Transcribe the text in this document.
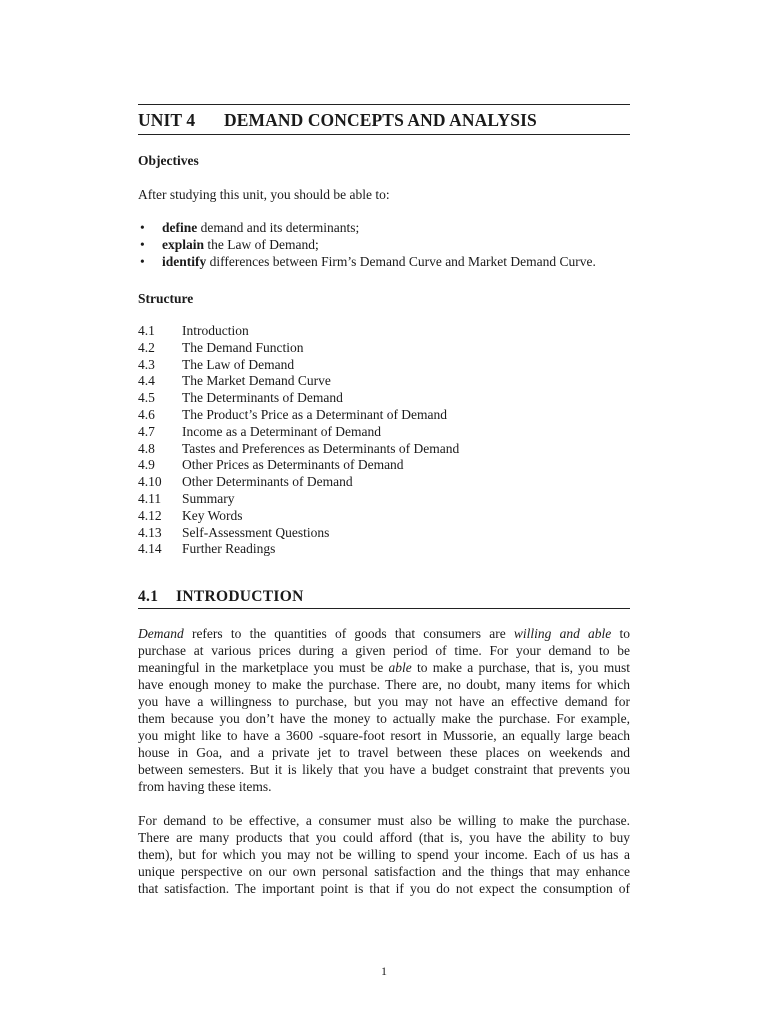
UNIT 4	DEMAND CONCEPTS AND ANALYSIS
Objectives
After studying this unit, you should be able to:
•	define demand and its determinants;
•	explain the Law of Demand;
•	identify differences between Firm’s Demand Curve and Market Demand Curve.
Structure
4.1	Introduction
4.2	The Demand Function
4.3	The Law of Demand
4.4	The Market Demand Curve
4.5	The Determinants of Demand
4.6	The Product’s Price as a Determinant of Demand
4.7	Income as a Determinant of Demand
4.8	Tastes and Preferences as Determinants of Demand
4.9	Other Prices as Determinants of Demand
4.10	Other Determinants of Demand
4.11	Summary
4.12	Key Words
4.13	Self-Assessment Questions
4.14	Further Readings
4.1	INTRODUCTION
Demand refers to the quantities of goods that consumers are willing and able to
purchase at various prices during a given period of time. For your demand to be
meaningful in the marketplace you must be able to make a purchase, that is, you must
have enough money to make the purchase. There are, no doubt, many items for which
you have a willingness to purchase, but you may not have an effective demand for
them because you don’t have the money to actually make the purchase. For example,
you might like to have a 3600 -square-foot resort in Mussorie, an equally large beach
house in Goa, and a private jet to travel between these places on weekends and
between semesters. But it is likely that you have a budget constraint that prevents you
from having these items.
For demand to be effective, a consumer must also be willing to make the purchase.
There are many products that you could afford (that is, you have the ability to buy
them), but for which you may not be willing to spend your income. Each of us has a
unique perspective on our own personal satisfaction and the things that may enhance
that satisfaction. The important point is that if you do not expect the consumption of
1
